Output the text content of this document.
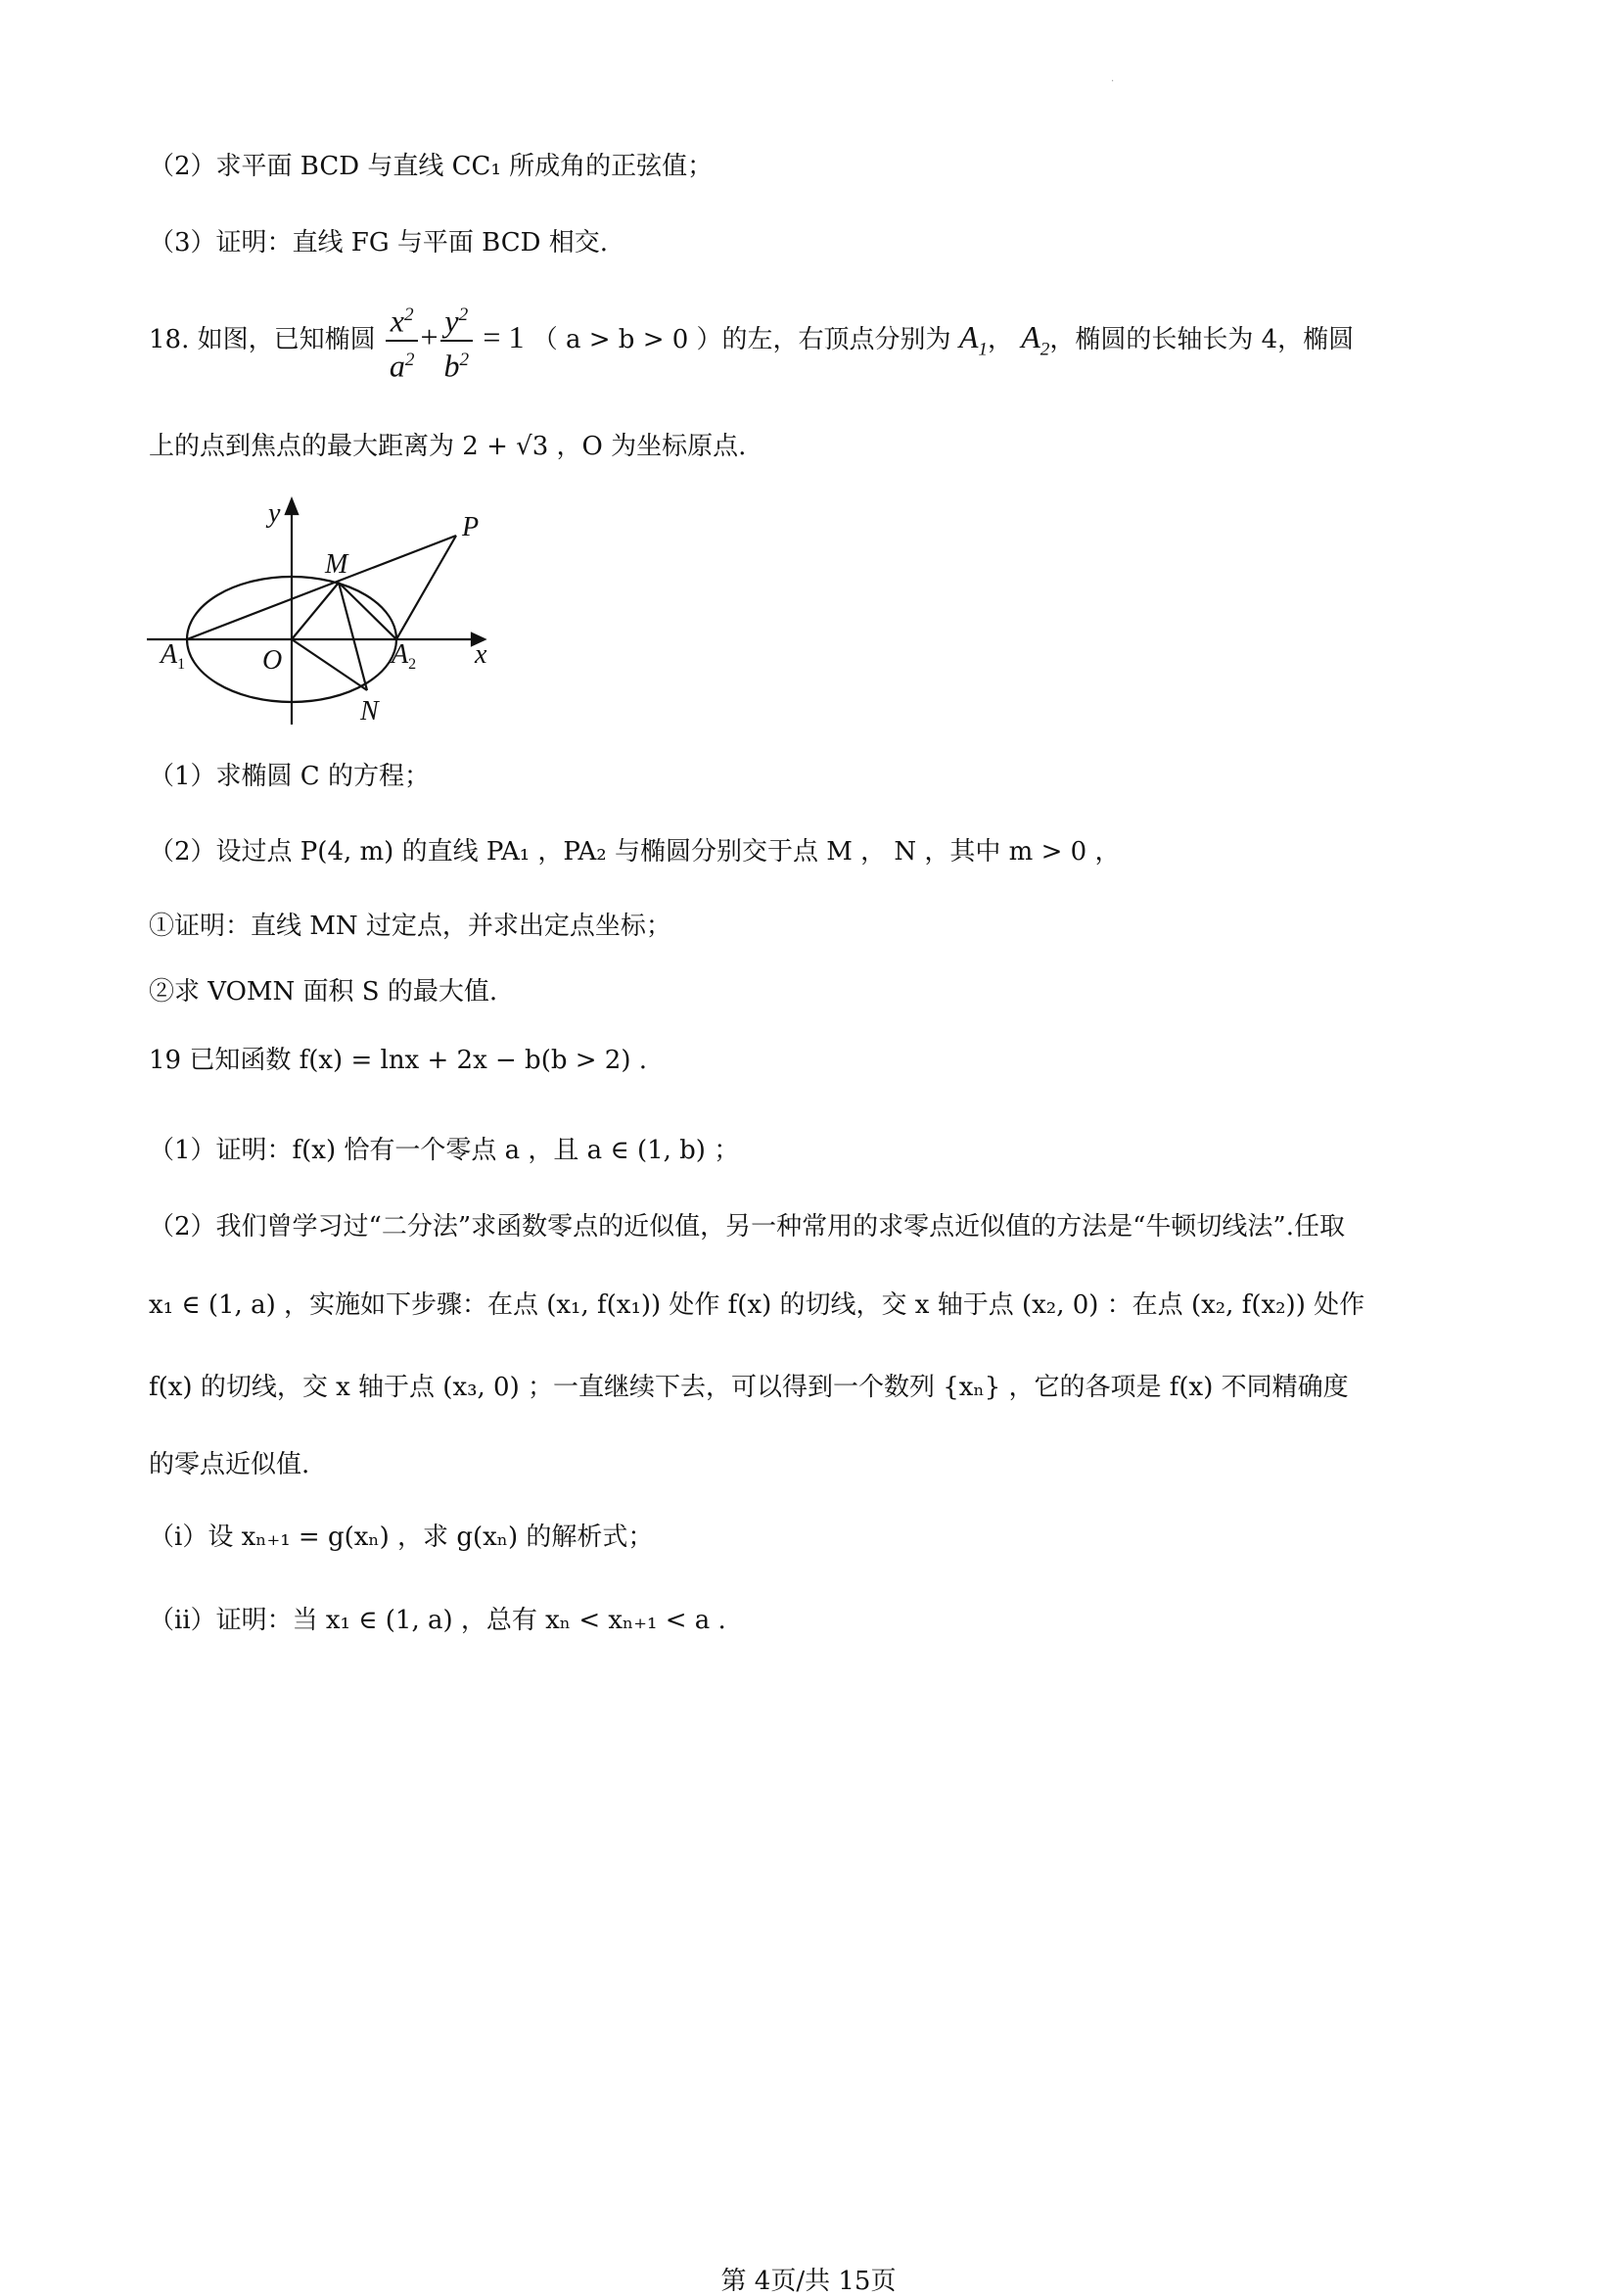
.
（2）求平面 BCD 与直线 CC₁ 所成角的正弦值；
（3）证明：直线 FG 与平面 BCD 相交.
18. 如图，已知椭圆 $\frac{x^2}{a^2} + \frac{y^2}{b^2} = 1$ （ a > b > 0 ）的左，右顶点分别为 $A_1$， $A_2$，椭圆的长轴长为 4，椭圆
上的点到焦点的最大距离为 2 + √3 ，O 为坐标原点.
y
x
O
M
N
P
$A_1$	$A_2$
（1）求椭圆 C 的方程；
（2）设过点 P(4, m) 的直线 PA₁ ，PA₂ 与椭圆分别交于点 M ， N ，其中 m > 0 ，
①证明：直线 MN 过定点，并求出定点坐标；
②求 VOMN 面积 S 的最大值.
19 已知函数 f(x) = lnx + 2x − b(b > 2) .
（1）证明：f(x) 恰有一个零点 a ，且 a ∈ (1, b) ；
（2）我们曾学习过“二分法”求函数零点的近似值，另一种常用的求零点近似值的方法是“牛顿切线法”.任取
x₁ ∈ (1, a) ，实施如下步骤：在点 (x₁, f(x₁)) 处作 f(x) 的切线，交 x 轴于点 (x₂, 0) ：在点 (x₂, f(x₂)) 处作
f(x) 的切线，交 x 轴于点 (x₃, 0) ；一直继续下去，可以得到一个数列 {xₙ} ，它的各项是 f(x) 不同精确度
的零点近似值.
（i）设 xₙ₊₁ = g(xₙ) ，求 g(xₙ) 的解析式；
（ii）证明：当 x₁ ∈ (1, a) ，总有 xₙ < xₙ₊₁ < a .
第 4页/共 15页
